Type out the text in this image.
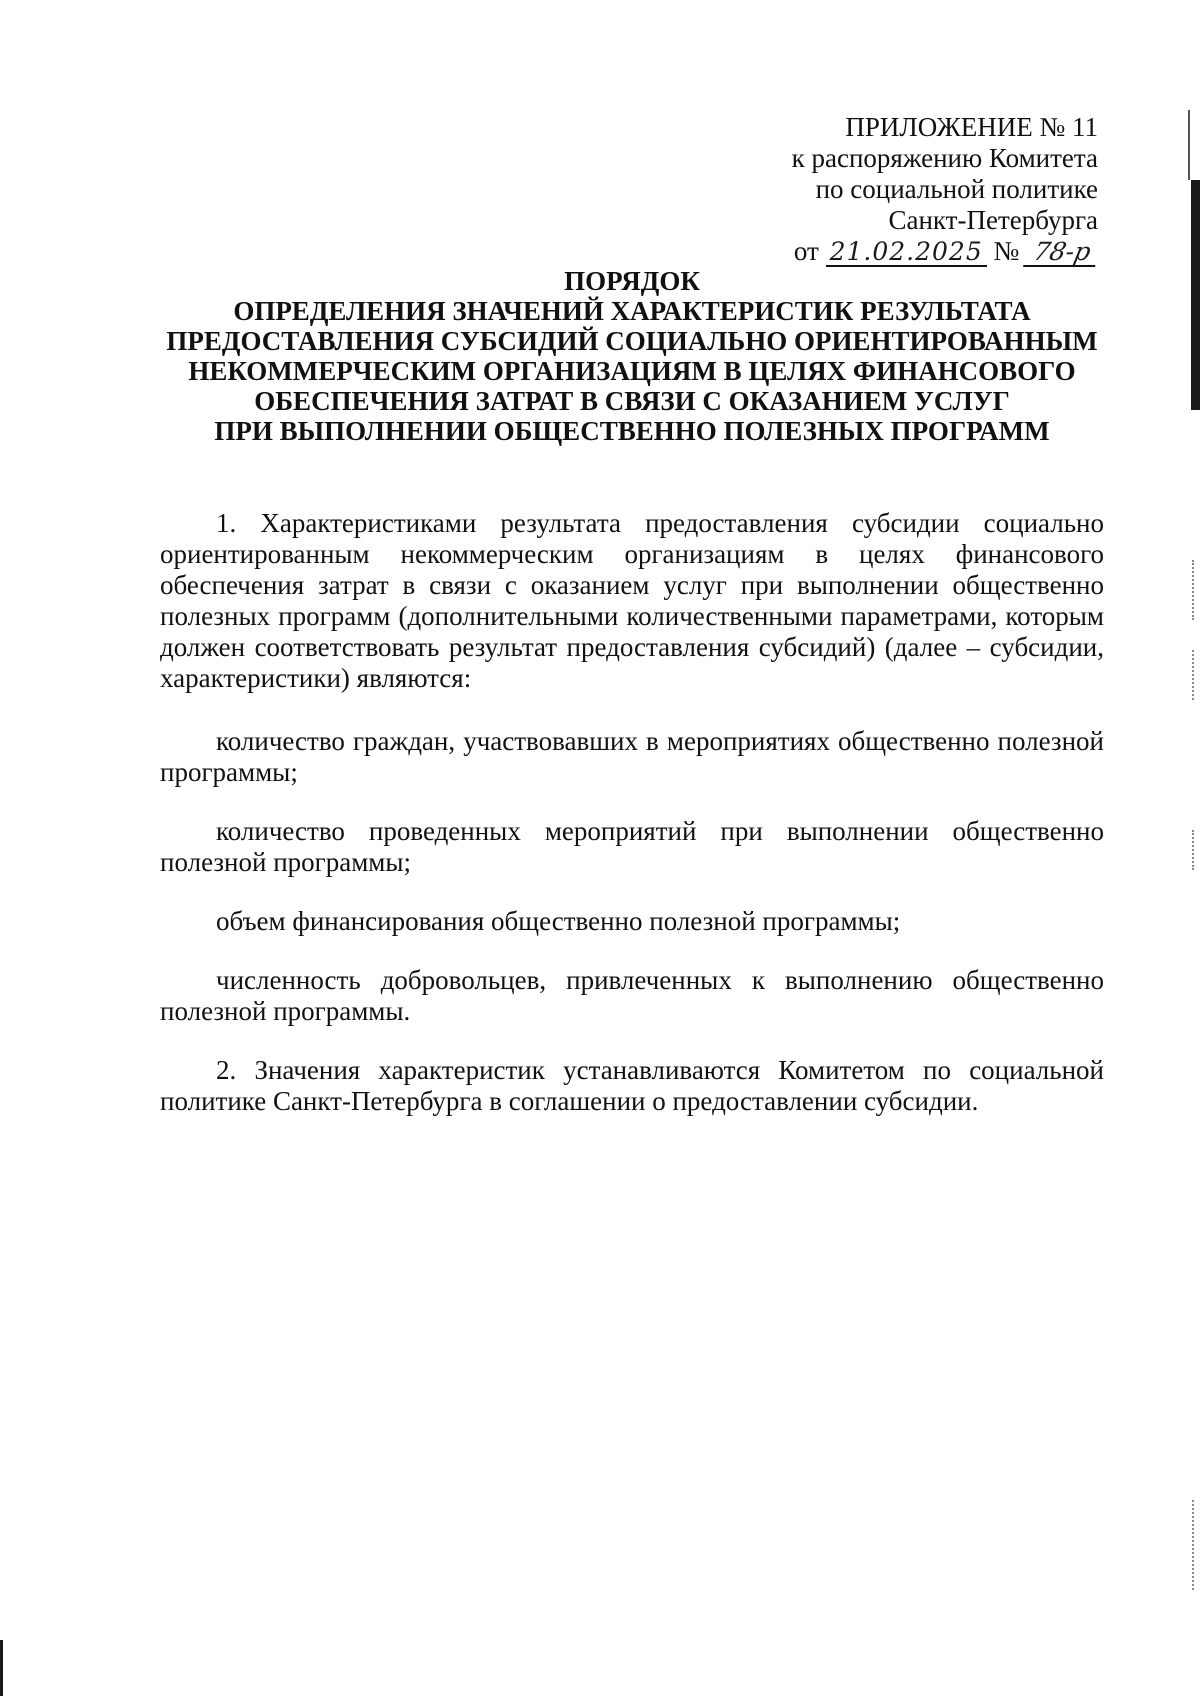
ПРИЛОЖЕНИЕ № 11
к распоряжению Комитета
по социальной политике
Санкт-Петербурга
от 21.02.2025 № 78-р
ПОРЯДОК
ОПРЕДЕЛЕНИЯ ЗНАЧЕНИЙ ХАРАКТЕРИСТИК РЕЗУЛЬТАТА
ПРЕДОСТАВЛЕНИЯ СУБСИДИЙ СОЦИАЛЬНО ОРИЕНТИРОВАННЫМ
НЕКОММЕРЧЕСКИМ ОРГАНИЗАЦИЯМ В ЦЕЛЯХ ФИНАНСОВОГО
ОБЕСПЕЧЕНИЯ ЗАТРАТ В СВЯЗИ С ОКАЗАНИЕМ УСЛУГ
ПРИ ВЫПОЛНЕНИИ ОБЩЕСТВЕННО ПОЛЕЗНЫХ ПРОГРАММ

1. Характеристиками результата предоставления субсидии социально ориентированным некоммерческим организациям в целях финансового обеспечения затрат в связи с оказанием услуг при выполнении общественно полезных программ (дополнительными количественными параметрами, которым должен соответствовать результат предоставления субсидий) (далее – субсидии, характеристики) являются:

количество граждан, участвовавших в мероприятиях общественно полезной программы;

количество проведенных мероприятий при выполнении общественно полезной программы;

объем финансирования общественно полезной программы;

численность добровольцев, привлеченных к выполнению общественно полезной программы.

2. Значения характеристик устанавливаются Комитетом по социальной политике Санкт-Петербурга в соглашении о предоставлении субсидии.
